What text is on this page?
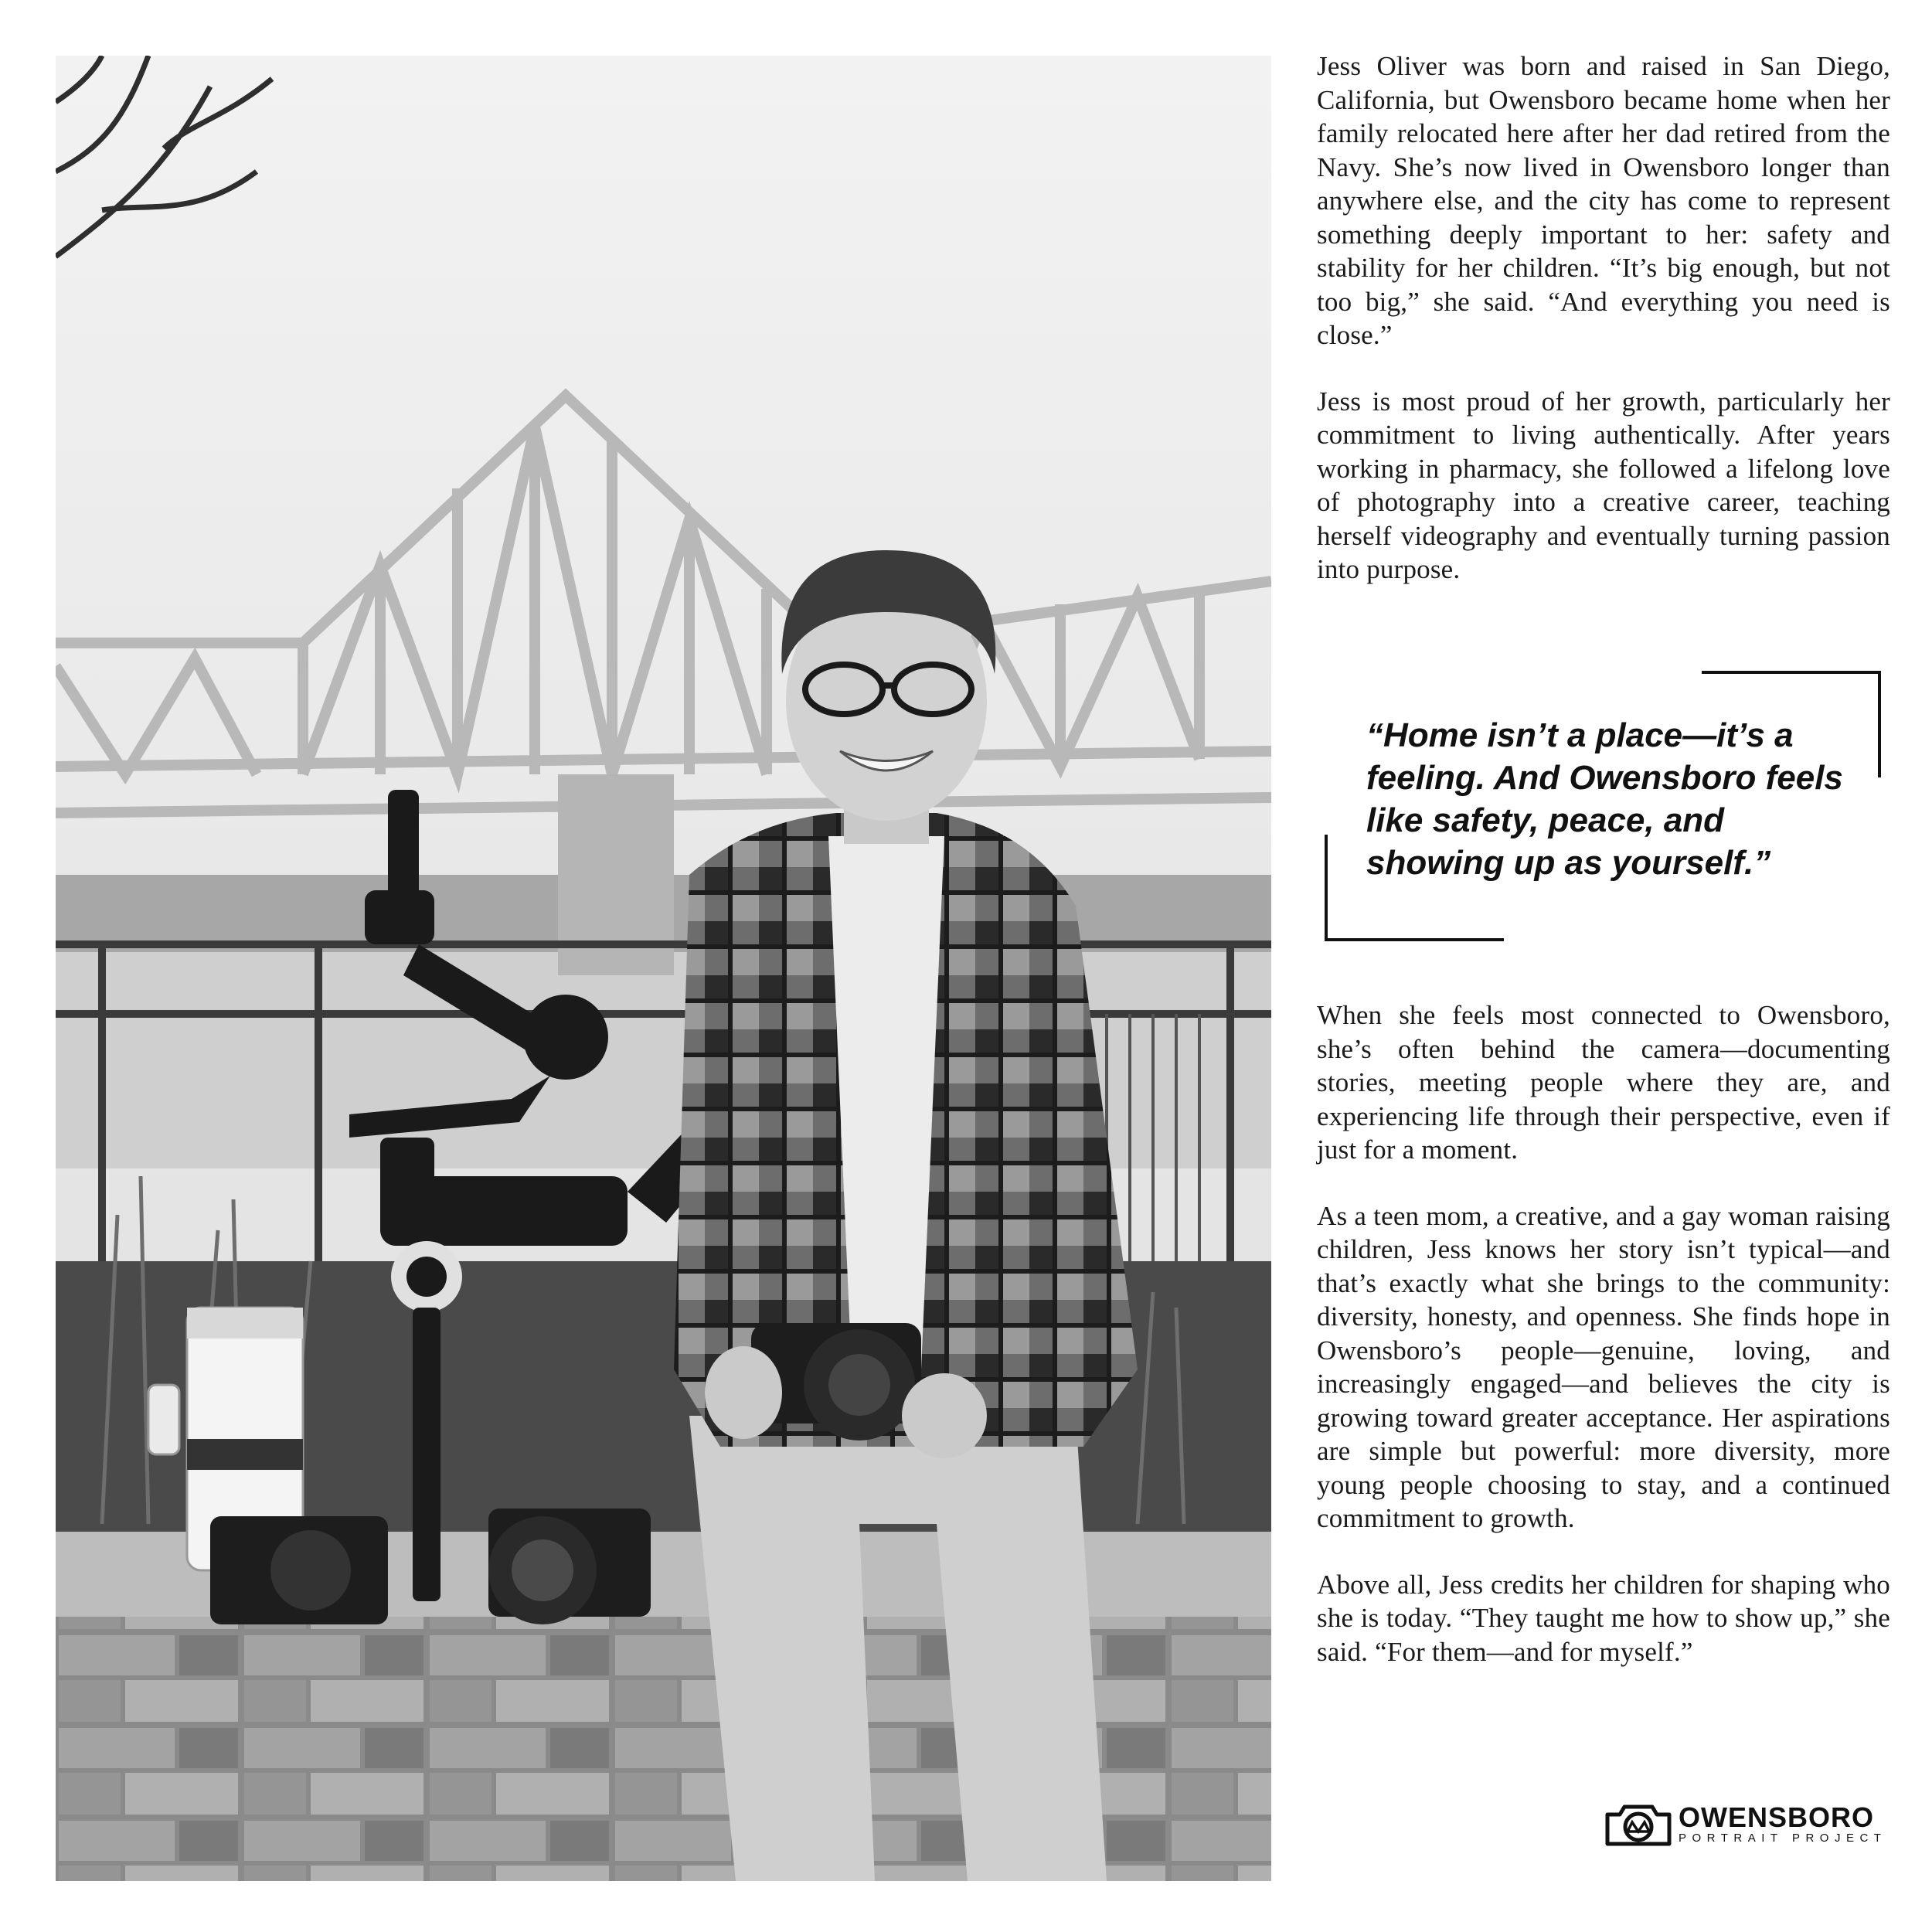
Jess Oliver was born and raised in San Diego, California, but Owensboro became home when her family relocated here after her dad retired from the Navy. She’s now lived in Owensboro longer than anywhere else, and the city has come to represent something deeply important to her: safety and stability for her children. “It’s big enough, but not too big,” she said. “And everything you need is close.”

Jess is most proud of her growth, particularly her commitment to living authentically. After years working in pharmacy, she followed a lifelong love of photography into a creative career, teaching herself videography and eventually turning passion into purpose.

“Home isn’t a place—it’s a feeling. And Owensboro feels like safety, peace, and showing up as yourself.”

When she feels most connected to Owensboro, she’s often behind the camera—documenting stories, meeting people where they are, and experiencing life through their perspective, even if just for a moment.

As a teen mom, a creative, and a gay woman raising children, Jess knows her story isn’t typical—and that’s exactly what she brings to the community: diversity, honesty, and openness. She finds hope in Owensboro’s people—genuine, loving, and increasingly engaged—and believes the city is growing toward greater acceptance. Her aspirations are simple but powerful: more diversity, more young people choosing to stay, and a continued commitment to growth.

Above all, Jess credits her children for shaping who she is today. “They taught me how to show up,” she said. “For them—and for myself.”

OWENSBORO
PORTRAIT PROJECT
